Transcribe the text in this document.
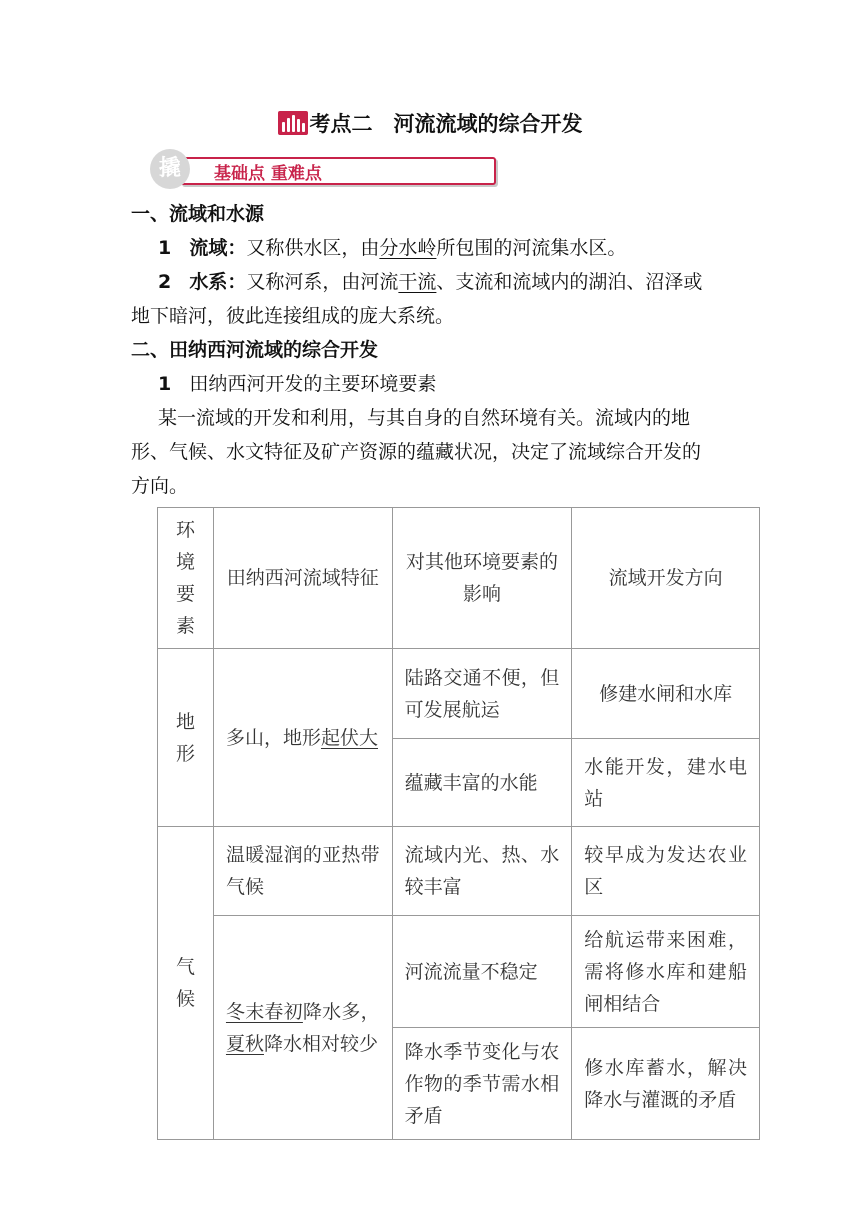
考点二　河流流域的综合开发
撬	基础点 重难点
一、流域和水源
1 流域：又称供水区，由分水岭所包围的河流集水区。
2 水系：又称河系，由河流干流、支流和流域内的湖泊、沼泽或
地下暗河，彼此连接组成的庞大系统。
二、田纳西河流域的综合开发
1 田纳西河开发的主要环境要素
某一流域的开发和利用，与其自身的自然环境有关。流域内的地
形、气候、水文特征及矿产资源的蕴藏状况，决定了流域综合开发的
方向。
环境要素	田纳西河流域特征	对其他环境要素的影响	流域开发方向
地形	多山，地形起伏大	陆路交通不便，但可发展航运	修建水闸和水库
		蕴藏丰富的水能	水能开发，建水电站
气候	温暖湿润的亚热带气候	流域内光、热、水较丰富	较早成为发达农业区
	冬末春初降水多，夏秋降水相对较少	河流流量不稳定	给航运带来困难，需将修水库和建船闸相结合
		降水季节变化与农作物的季节需水相矛盾	修水库蓄水，解决降水与灌溉的矛盾
